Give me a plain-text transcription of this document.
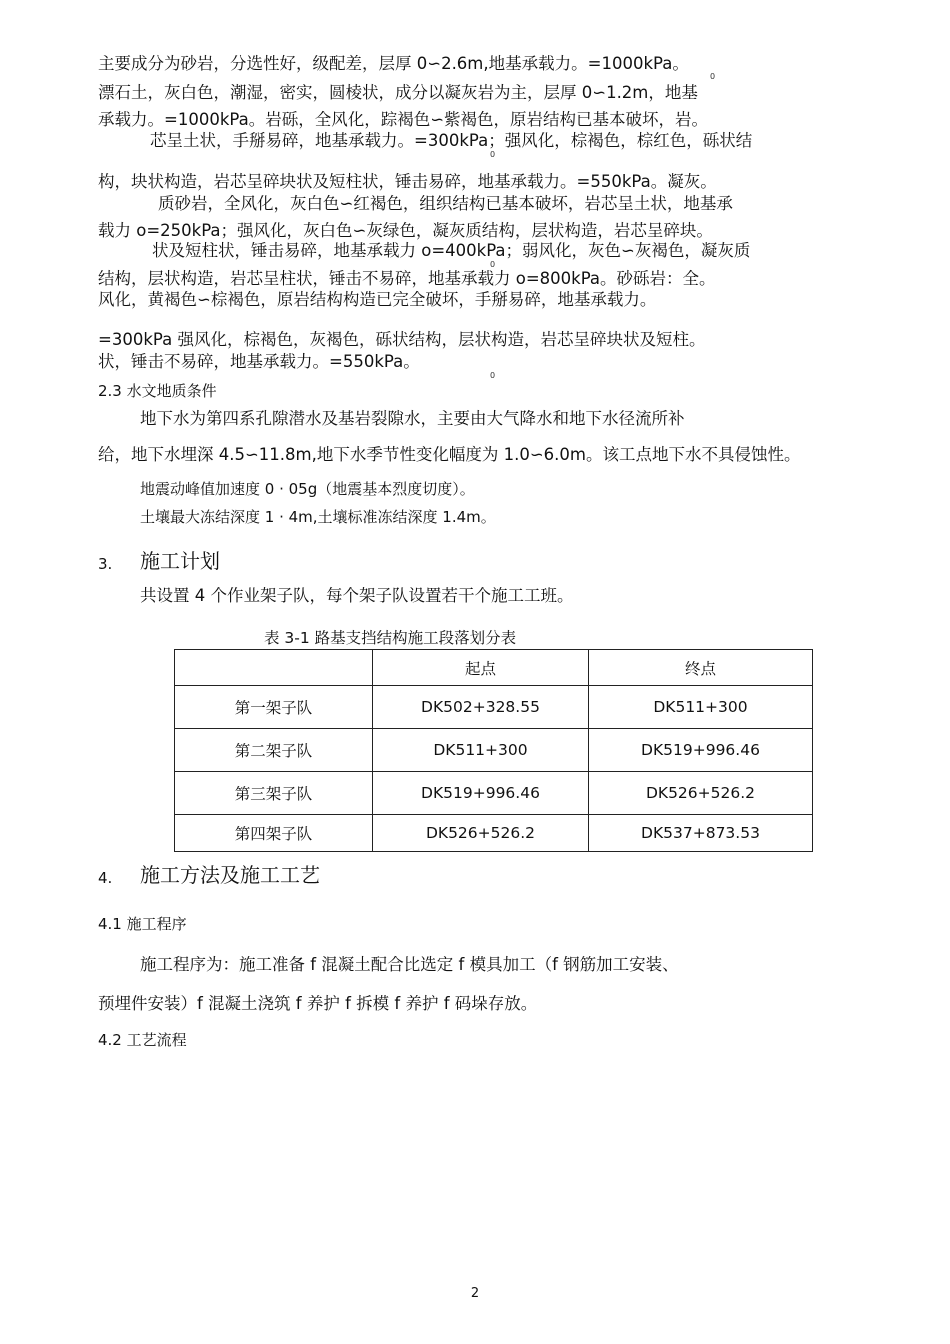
主要成分为砂岩，分选性好，级配差，层厚 0∽2.6m,地基承载力。=1000kPa。
0
漂石土，灰白色，潮湿，密实，圆棱状，成分以凝灰岩为主，层厚 0∽1.2m，地基
承载力。=1000kPa。岩砾，全风化，踪褐色∽紫褐色，原岩结构已基本破坏，岩。
芯呈土状，手掰易碎，地基承载力。=300kPa；强风化，棕褐色，棕红色，砾状结
0
构，块状构造，岩芯呈碎块状及短柱状，锤击易碎，地基承载力。=550kPa。凝灰。
质砂岩，全风化，灰白色∽红褐色，组织结构已基本破坏，岩芯呈土状，地基承
载力 o=250kPa；强风化，灰白色∽灰绿色，凝灰质结构，层状构造，岩芯呈碎块。
状及短柱状，锤击易碎，地基承载力 o=400kPa；弱风化，灰色∽灰褐色，凝灰质
0
结构，层状构造，岩芯呈柱状，锤击不易碎，地基承载力 o=800kPa。砂砾岩：全。
风化，黄褐色∽棕褐色，原岩结构构造已完全破坏，手掰易碎，地基承载力。
=300kPa 强风化，棕褐色，灰褐色，砾状结构，层状构造，岩芯呈碎块状及短柱。
状，锤击不易碎，地基承载力。=550kPa。
0
2.3 水文地质条件
地下水为第四系孔隙潜水及基岩裂隙水，主要由大气降水和地下水径流所补
给，地下水埋深 4.5∽11.8m,地下水季节性变化幅度为 1.0∽6.0m。该工点地下水不具侵蚀性。
地震动峰值加速度 0 · 05g（地震基本烈度切度）。
土壤最大冻结深度 1 · 4m,土壤标准冻结深度 1.4m。
3. 施工计划
共设置 4 个作业架子队，每个架子队设置若干个施工工班。
表 3-1 路基支挡结构施工段落划分表
	起点	终点
第一架子队	DK502+328.55	DK511+300
第二架子队	DK511+300	DK519+996.46
第三架子队	DK519+996.46	DK526+526.2
第四架子队	DK526+526.2	DK537+873.53
4. 施工方法及施工工艺
4.1 施工程序
施工程序为：施工准备 f 混凝土配合比选定 f 模具加工（f 钢筋加工安装、
预埋件安装）f 混凝土浇筑 f 养护 f 拆模 f 养护 f 码垛存放。
4.2 工艺流程
2
